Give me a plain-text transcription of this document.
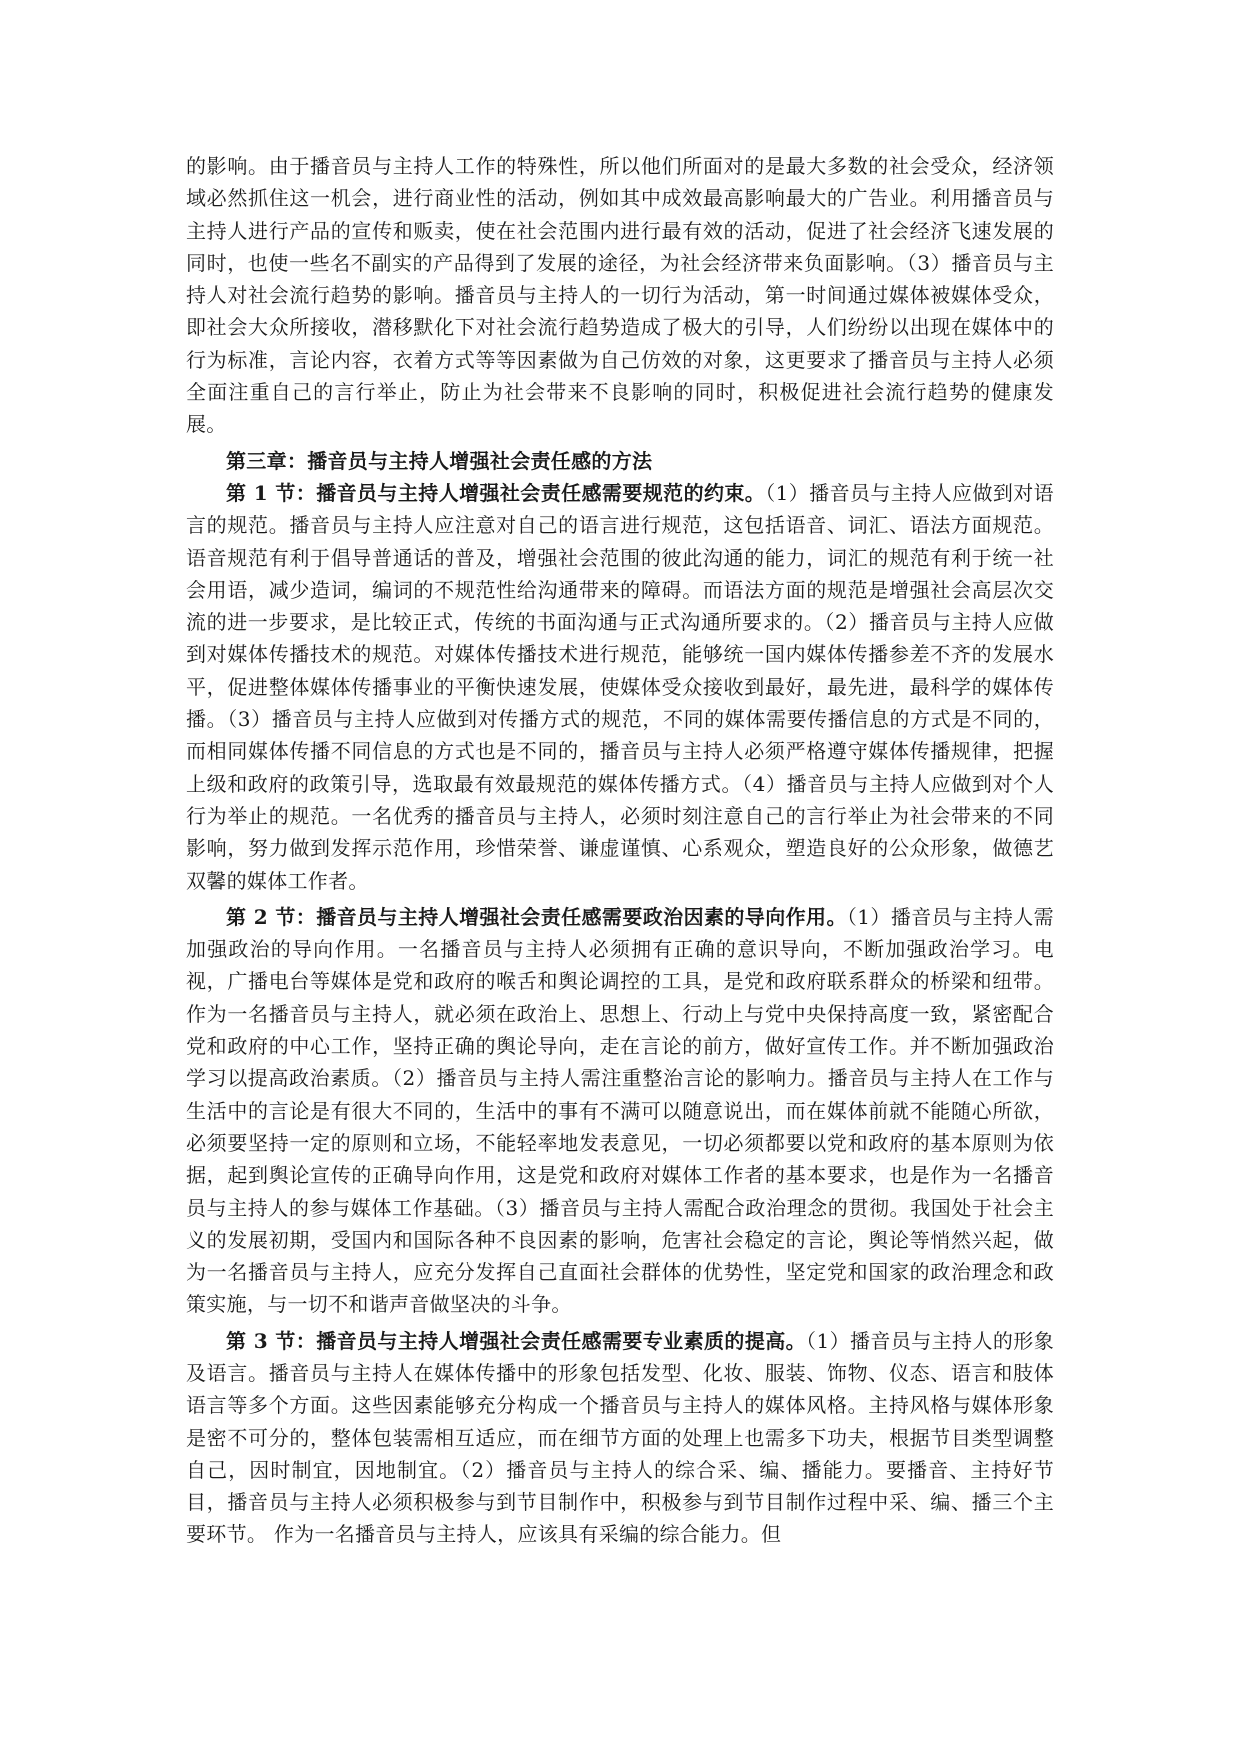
的影响。由于播音员与主持人工作的特殊性，所以他们所面对的是最大多数的社会受众，经济领域必然抓住这一机会，进行商业性的活动，例如其中成效最高影响最大的广告业。利用播音员与主持人进行产品的宣传和贩卖，使在社会范围内进行最有效的活动，促进了社会经济飞速发展的同时，也使一些名不副实的产品得到了发展的途径，为社会经济带来负面影响。（3）播音员与主持人对社会流行趋势的影响。播音员与主持人的一切行为活动，第一时间通过媒体被媒体受众，即社会大众所接收，潜移默化下对社会流行趋势造成了极大的引导，人们纷纷以出现在媒体中的行为标准，言论内容，衣着方式等等因素做为自己仿效的对象，这更要求了播音员与主持人必须全面注重自己的言行举止，防止为社会带来不良影响的同时，积极促进社会流行趋势的健康发展。

第三章：播音员与主持人增强社会责任感的方法

第 1 节：播音员与主持人增强社会责任感需要规范的约束。（1）播音员与主持人应做到对语言的规范。播音员与主持人应注意对自己的语言进行规范，这包括语音、词汇、语法方面规范。语音规范有利于倡导普通话的普及，增强社会范围的彼此沟通的能力，词汇的规范有利于统一社会用语，减少造词，编词的不规范性给沟通带来的障碍。而语法方面的规范是增强社会高层次交流的进一步要求，是比较正式，传统的书面沟通与正式沟通所要求的。（2）播音员与主持人应做到对媒体传播技术的规范。对媒体传播技术进行规范，能够统一国内媒体传播参差不齐的发展水平，促进整体媒体传播事业的平衡快速发展，使媒体受众接收到最好，最先进，最科学的媒体传播。（3）播音员与主持人应做到对传播方式的规范，不同的媒体需要传播信息的方式是不同的，而相同媒体传播不同信息的方式也是不同的，播音员与主持人必须严格遵守媒体传播规律，把握上级和政府的政策引导，选取最有效最规范的媒体传播方式。（4）播音员与主持人应做到对个人行为举止的规范。一名优秀的播音员与主持人，必须时刻注意自己的言行举止为社会带来的不同影响，努力做到发挥示范作用，珍惜荣誉、谦虚谨慎、心系观众，塑造良好的公众形象，做德艺双馨的媒体工作者。

第 2 节：播音员与主持人增强社会责任感需要政治因素的导向作用。（1）播音员与主持人需加强政治的导向作用。一名播音员与主持人必须拥有正确的意识导向，不断加强政治学习。电视，广播电台等媒体是党和政府的喉舌和舆论调控的工具，是党和政府联系群众的桥梁和纽带。作为一名播音员与主持人，就必须在政治上、思想上、行动上与党中央保持高度一致，紧密配合党和政府的中心工作，坚持正确的舆论导向，走在言论的前方，做好宣传工作。并不断加强政治学习以提高政治素质。（2）播音员与主持人需注重整治言论的影响力。播音员与主持人在工作与生活中的言论是有很大不同的，生活中的事有不满可以随意说出，而在媒体前就不能随心所欲，必须要坚持一定的原则和立场，不能轻率地发表意见，一切必须都要以党和政府的基本原则为依据，起到舆论宣传的正确导向作用，这是党和政府对媒体工作者的基本要求，也是作为一名播音员与主持人的参与媒体工作基础。（3）播音员与主持人需配合政治理念的贯彻。我国处于社会主义的发展初期，受国内和国际各种不良因素的影响，危害社会稳定的言论，舆论等悄然兴起，做为一名播音员与主持人，应充分发挥自己直面社会群体的优势性，坚定党和国家的政治理念和政策实施，与一切不和谐声音做坚决的斗争。

第 3 节：播音员与主持人增强社会责任感需要专业素质的提高。（1）播音员与主持人的形象及语言。播音员与主持人在媒体传播中的形象包括发型、化妆、服装、饰物、仪态、语言和肢体语言等多个方面。这些因素能够充分构成一个播音员与主持人的媒体风格。主持风格与媒体形象是密不可分的，整体包装需相互适应，而在细节方面的处理上也需多下功夫，根据节目类型调整自己，因时制宜，因地制宜。（2）播音员与主持人的综合采、编、播能力。要播音、主持好节目，播音员与主持人必须积极参与到节目制作中，积极参与到节目制作过程中采、编、播三个主要环节。 作为一名播音员与主持人，应该具有采编的综合能力。但
